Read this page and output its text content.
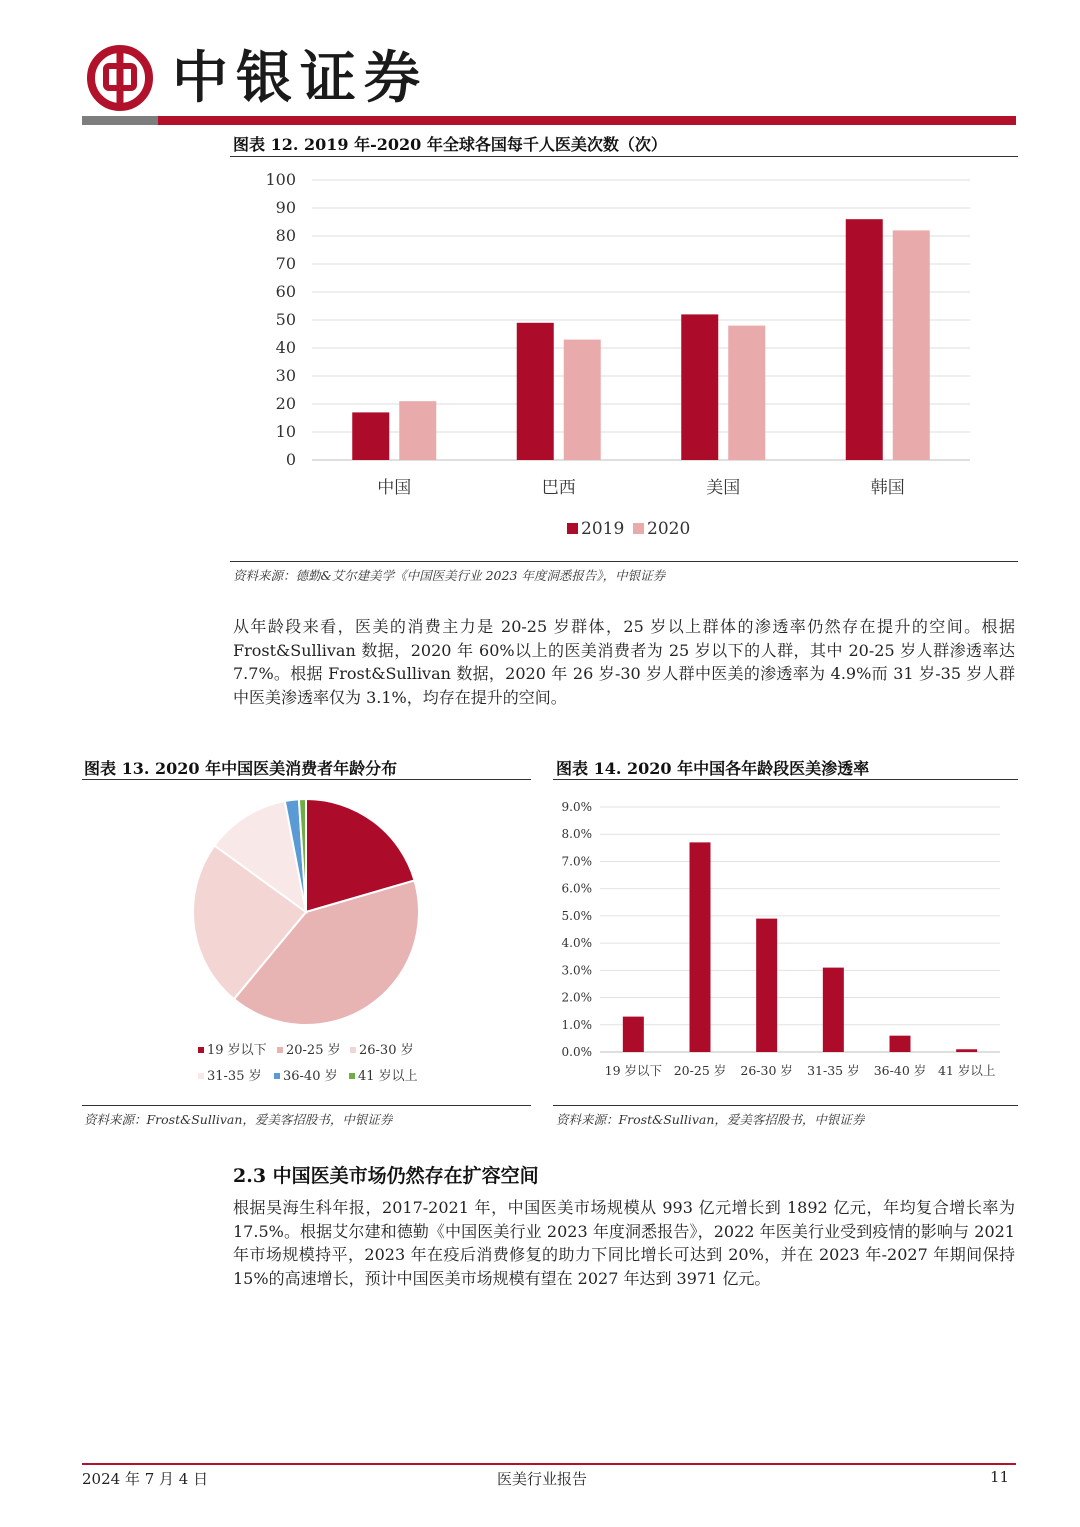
中银证券
图表 12. 2019 年-2020 年全球各国每千人医美次数（次）
0
10
20
30
40
50
60
70
80
90
100
中国	巴西	美国	韩国
2019 2020
资料来源：德勤&艾尔建美学《中国医美行业 2023 年度洞悉报告》，中银证券
从年龄段来看，医美的消费主力是 20-25 岁群体，25 岁以上群体的渗透率仍然存在提升的空间。根据 Frost&Sullivan 数据，2020 年 60%以上的医美消费者为 25 岁以下的人群，其中 20-25 岁人群渗透率达 7.7%。根据 Frost&Sullivan 数据，2020 年 26 岁-30 岁人群中医美的渗透率为 4.9%而 31 岁-35 岁人群中医美渗透率仅为 3.1%，均存在提升的空间。
图表 13. 2020 年中国医美消费者年龄分布
19 岁以下 20-25 岁 26-30 岁
31-35 岁 36-40 岁 41 岁以上
资料来源：Frost&Sullivan，爱美客招股书，中银证券
图表 14. 2020 年中国各年龄段医美渗透率
0.0%
1.0%
2.0%
3.0%
4.0%
5.0%
6.0%
7.0%
8.0%
9.0%
19 岁以下 20-25 岁 26-30 岁 31-35 岁 36-40 岁 41 岁以上
资料来源：Frost&Sullivan，爱美客招股书，中银证券
2.3 中国医美市场仍然存在扩容空间
根据昊海生科年报，2017-2021 年，中国医美市场规模从 993 亿元增长到 1892 亿元，年均复合增长率为 17.5%。根据艾尔建和德勤《中国医美行业 2023 年度洞悉报告》，2022 年医美行业受到疫情的影响与 2021 年市场规模持平，2023 年在疫后消费修复的助力下同比增长可达到 20%，并在 2023 年-2027 年期间保持 15%的高速增长，预计中国医美市场规模有望在 2027 年达到 3971 亿元。
2024 年 7 月 4 日	医美行业报告	11
